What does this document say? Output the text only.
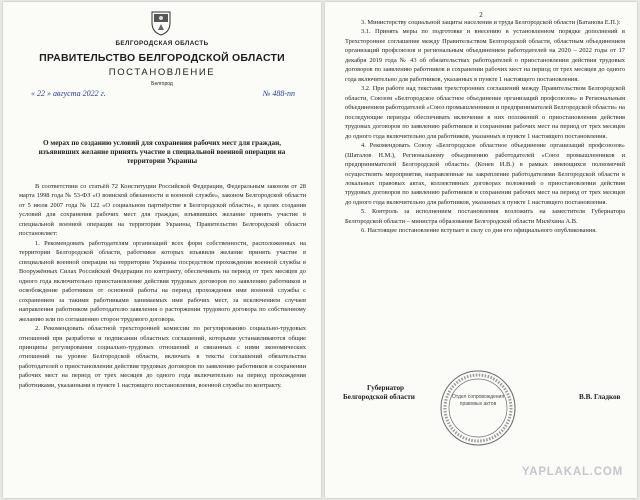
БЕЛГОРОДСКАЯ ОБЛАСТЬ
ПРАВИТЕЛЬСТВО БЕЛГОРОДСКОЙ ОБЛАСТИ
ПОСТАНОВЛЕНИЕ
Белгород
« 22 » августа 2022 г.	№ 488-пп
О мерах по созданию условий для сохранения рабочих мест для граждан, изъявивших желание принять участие в специальной военной операции на территории Украины

В соответствии со статьёй 72 Конституции Российской Федерации, Федеральным законом от 28 марта 1998 года № 53-ФЗ «О воинской обязанности и военной службе», законом Белгородской области от 5 июля 2007 года № 122 «О социальном партнёрстве в Белгородской области», в целях создания условий для сохранения рабочих мест для граждан, изъявивших желание принять участие в специальной военной операции на территории Украины, Правительство Белгородской области постановляет:

1. Рекомендовать работодателям организаций всех форм собственности, расположенных на территории Белгородской области, работники которых изъявили желание принять участие в специальной военной операции на территории Украины посредством прохождения военной службы в Вооружённых Силах Российской Федерации по контракту, обеспечивать на период от трех месяцев до одного года включительно приостановление действия трудовых договоров по заявлению работников и освобождение работников от основной работы на период прохождения ими военной службы с сохранением за такими работниками занимаемых ими рабочих мест, за исключением случаев направления работником работодателю заявления о расторжении трудового договора по собственному желанию или по соглашению сторон трудового договора.

2. Рекомендовать областной трехсторонней комиссии по регулированию социально-трудовых отношений при разработке и подписании областных соглашений, которыми устанавливаются общие принципы регулирования социально-трудовых отношений и связанных с ними экономических отношений на уровне Белгородской области, включать в тексты соглашений обязательства работодателей о приостановлении действия трудовых договоров по заявлению работников и сохранении рабочих мест на период от трех месяцев до одного года включительно на период прохождения работниками, указанными в пункте 1 настоящего постановления, военной службы по контракту.

2

3. Министерству социальной защиты населения и труда Белгородской области (Батанова Е.П.):

3.1. Принять меры по подготовке и внесению в установленном порядке дополнений в Трехстороннее соглашение между Правительством Белгородской области, областным объединением организаций профсоюзов и региональным объединением работодателей на 2020 – 2022 годы от 17 декабря 2019 года № 43 об обязательствах работодателей о приостановлении действия трудовых договоров по заявлению работников и сохранении рабочих мест на период от трех месяцев до одного года включительно для работников, указанных в пункте 1 настоящего постановления.

3.2. При работе над текстами трехсторонних соглашений между Правительством Белгородской области, Союзом «Белгородское областное объединение организаций профсоюзов» и Региональным объединением работодателей «Союз промышленников и предпринимателей Белгородской области» на последующие периоды обеспечивать включение в них положений о приостановлении действия трудовых договоров по заявлению работников и сохранении рабочих мест на период от трех месяцев до одного года включительно для работников, указанных в пункте 1 настоящего постановления.

4. Рекомендовать Союзу «Белгородское областное объединение организаций профсоюзов» (Шаталов Н.М.), Региональному объединению работодателей «Союз промышленников и предпринимателей Белгородской области» (Конев И.В.) в рамках имеющихся полномочий осуществлять мероприятия, направленные на закрепление работодателями Белгородской области в локальных правовых актах, коллективных договорах положений о приостановлении действия трудовых договоров по заявлению работников и сохранении рабочих мест на период от трех месяцев до одного года включительно для работников, указанных в пункте 1 настоящего постановления.

5. Контроль за исполнением постановления возложить на заместителя Губернатора Белгородской области – министра образования Белгородской области Милёхина А.В.

6. Настоящее постановление вступает в силу со дня его официального опубликования.

Отдел сопровождения правовых актов
Губернатор
Белгородской области	В.В. Гладков
YAPLAKAL.COM
